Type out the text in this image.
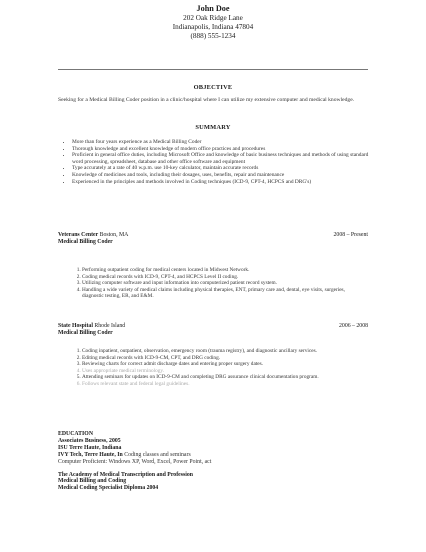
John Doe
202 Oak Ridge Lane
Indianapolis, Indiana 47804
(888) 555-1234
OBJECTIVE
Seeking for a Medical Billing Coder position in a clinic/hospital where I can utilize my extensive computer and medical knowledge.
SUMMARY
• More than four years experience as a Medical Billing Coder
• Thorough knowledge and excellent knowledge of modern office practices and procedures
• Proficient in general office duties, including Microsoft Office and knowledge of basic business techniques and methods of using standard word processing, spreadsheet, database and other office software and equipment
• Type accurately at a rate of 40 w.p.m. use 10-key calculator, maintain accurate records
• Knowledge of medicines and tools, including their dosages, uses, benefits, repair and maintenance
• Experienced in the principles and methods involved in Coding techniques (ICD-9, CPT-4, HCPCS and DRG's)
Veterans Center Boston, MA	2008 – Present
Medical Billing Coder
1. Performing outpatient coding for medical centers located in Midwest Network.
2. Coding medical records with ICD-9, CPT-4, and HCPCS Level II coding.
3. Utilizing computer software and input information into computerized patient record system.
4. Handling a wide variety of medical claims including physical therapies, ENT, primary care and, dental, eye visits, surgeries, diagnostic testing, ER, and E&M.
State Hospital Rhode Island	2006 – 2008
Medical Billing Coder
1. Coding inpatient, outpatient, observation, emergency room (trauma registry), and diagnostic ancillary services.
2. Editing medical records with ICD-9-CM, CPT, and DRG coding.
3. Reviewing charts for correct admit discharge dates and entering proper surgery dates.
4. Uses appropriate medical terminology.
5. Attending seminars for updates on ICD-9-CM and completing DRG assurance clinical documentation program.
6. Follows relevant state and federal legal guidelines.
EDUCATION
Associates Business, 2005
ISU Terre Haute, Indiana
IVY Tech, Terre Haute, In Coding classes and seminars
Computer Proficient: Windows XP, Word, Excel, Power Point, act
The Academy of Medical Transcription and Profession
Medical Billing and Coding
Medical Coding Specialist Diploma 2004
